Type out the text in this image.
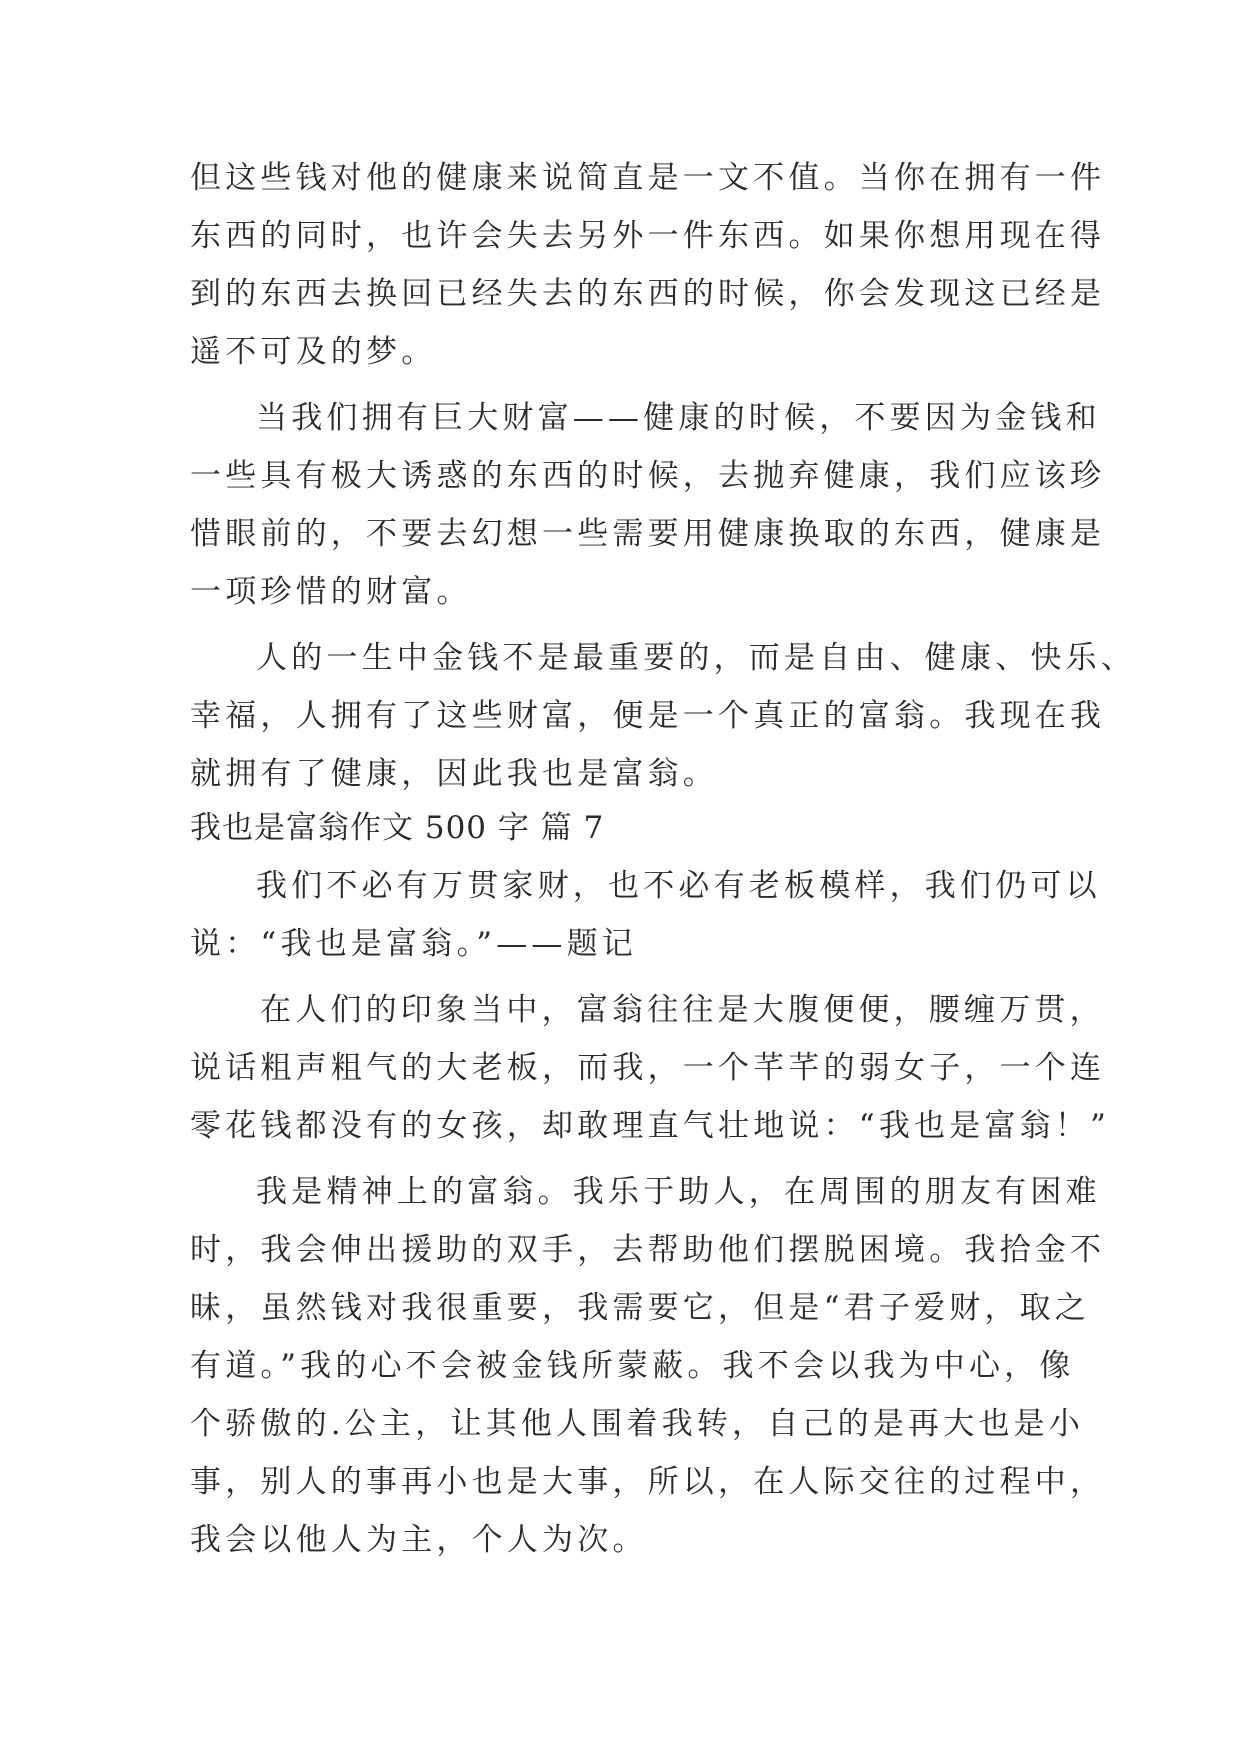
但这些钱对他的健康来说简直是一文不值。当你在拥有一件
东西的同时，也许会失去另外一件东西。如果你想用现在得
到的东西去换回已经失去的东西的时候，你会发现这已经是
遥不可及的梦。
当我们拥有巨大财富——健康的时候，不要因为金钱和
一些具有极大诱惑的东西的时候，去抛弃健康，我们应该珍
惜眼前的，不要去幻想一些需要用健康换取的东西，健康是
一项珍惜的财富。
人的一生中金钱不是最重要的，而是自由、健康、快乐、
幸福，人拥有了这些财富，便是一个真正的富翁。我现在我
就拥有了健康，因此我也是富翁。
我也是富翁作文 500 字 篇 7
我们不必有万贯家财，也不必有老板模样，我们仍可以
说：“我也是富翁。”——题记
在人们的印象当中，富翁往往是大腹便便，腰缠万贯，
说话粗声粗气的大老板，而我，一个芊芊的弱女子，一个连
零花钱都没有的女孩，却敢理直气壮地说：“我也是富翁！”
我是精神上的富翁。我乐于助人，在周围的朋友有困难
时，我会伸出援助的双手，去帮助他们摆脱困境。我拾金不
昧，虽然钱对我很重要，我需要它，但是“君子爱财，取之
有道。”我的心不会被金钱所蒙蔽。我不会以我为中心，像
个骄傲的.公主，让其他人围着我转，自己的是再大也是小
事，别人的事再小也是大事，所以，在人际交往的过程中，
我会以他人为主，个人为次。
